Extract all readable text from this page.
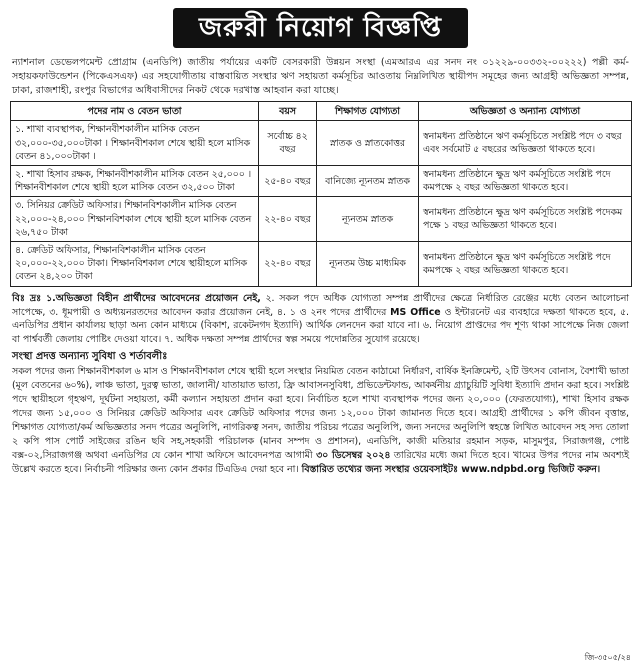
জরুরী নিয়োগ বিজ্ঞপ্তি
ন্যাশনাল ডেভেলপমেন্ট প্রোগ্রাম (এনডিপি) জাতীয় পর্যায়ের একটি বেসরকারী উন্নয়ন সংস্থা (এমআরএ এর সনদ নং ০১২২৯-০০৩৩২-০০২২২) পল্লী কর্ম-সহায়কফাউন্ডেশন (পিকেএসএফ) এর সহযোগীতায় বাস্তবায়িত সংস্থার ঋণ সহায়তা কর্মসূচির আওতায় নিম্নলিখিত স্থায়ীপদ সমূহের জন্য আগ্রহী অভিজ্ঞতা সম্পন্ন, ঢাকা, রাজশাহী, রংপুর বিভাগের অধিবাসীদের নিকট থেকে দরখাস্ত আহবান করা যাচ্ছে।
পদের নাম ও বেতন ভাতা	বয়স	শিক্ষাগত যোগ্যতা	অভিজ্ঞতা ও অন্যান্য যোগ্যতা
১. শাখা ব্যবস্থাপক, শিক্ষানবীশকালীন মাসিক বেতন ৩২,০০০-৩৫,০০০টাকা । শিক্ষানবীশকাল শেষে স্থায়ী হলে মাসিক বেতন ৪১,০০০টাকা ।	সর্বোচ্চ ৪২ বছর	স্নাতক ও স্নাতকোত্তর	স্বনামধন্য প্রতিষ্ঠানে ঋণ কর্মসূচিতে সংশ্লিষ্ট পদে ৩ বছর এবং সর্বমোট ৫ বছরের অভিজ্ঞতা থাকতে হবে।
২. শাখা হিসাব রক্ষক, শিক্ষানবীশকালীন মাসিক বেতন ২৫,০০০ । শিক্ষানবীশকাল শেষে স্থায়ী হলে মাসিক বেতন ৩২,৫০০ টাকা	২৫-৪০ বছর	বানিজ্যে ন্যূনতম স্নাতক	স্বনামধন্য প্রতিষ্ঠানে ক্ষুদ্র ঋণ কর্মসূচিতে সংশ্লিষ্ট পদে কমপক্ষে ২ বছর অভিজ্ঞতা থাকতে হবে।
৩. সিনিয়র ক্রেডিট অফিসার। শিক্ষানবিশকালীন মাসিক বেতন ২২,০০০-২৪,০০০ শিক্ষানবিশকাল শেষে স্থায়ী হলে মাসিক বেতন ২৬,৭৫০ টাকা	২২-৪০ বছর	ন্যূনতম স্নাতক	স্বনামধন্য প্রতিষ্ঠানে ক্ষুদ্র ঋণ কর্মসূচিতে সংশ্লিষ্ট পদেকম পক্ষে ১ বছর অভিজ্ঞতা থাকতে হবে।
৪. ক্রেডিট অফিসার, শিক্ষানবিশকালীন মাসিক বেতন ২০,০০০-২২,০০০ টাকা। শিক্ষানবিশকাল শেষে স্থায়ীহলে মাসিক বেতন ২৪,২০০ টাকা	২২-৪০ বছর	ন্যূনতম উচ্চ মাধ্যমিক	স্বনামধন্য প্রতিষ্ঠানে ক্ষুদ্র ঋণ কর্মসূচিতে সংশ্লিষ্ট পদে কমপক্ষে ২ বছর অভিজ্ঞতা থাকতে হবে।
বিঃ দ্রঃ ১.অভিজ্ঞতা বিহীন প্রার্থীদের আবেদনের প্রয়োজন নেই, ২. সকল পদে অধিক যোগ্যতা সম্পন্ন প্রার্থীদের ক্ষেত্রে নির্ধারিত রেঞ্জের মধ্যে বেতন আলোচনা সাপেক্ষে, ৩. ধূমপায়ী ও অধ্যয়নরতদের আবেদন করার প্রয়োজন নেই, ৪. ১ ও ২নং পদের প্রার্থীদের MS Office ও ইন্টারনেট এর ব্যবহারে দক্ষতা থাকতে হবে, ৫. এনডিপির প্রধান কার্যালয় ছাড়া অন্য কোন মাধ্যমে (বিকাশ, রকেটনগদ ইত্যাদি) আর্থিক লেনদেন করা যাবে না। ৬. নিয়োগ প্রাপ্তদের পদ শূণ্য থাকা সাপেক্ষে নিজ জেলা বা পার্শ্ববর্তী জেলায় পোষ্টিং দেওয়া যাবে। ৭. অধিক দক্ষতা সম্পন্ন প্রার্থদের স্বল্প সময়ে পদোন্নতির সুযোগ রয়েছে।
সংস্থা প্রদত্ত অন্যান্য সুবিধা ও শর্তাবলীঃ
সকল পদের জন্য শিক্ষানবীশকাল ৬ মাস ও শিক্ষানবীশকাল শেষে স্থায়ী হলে সংস্থার নিয়মিত বেতন কাঠামো নির্ধারণ, বার্ষিক ইনক্রিমেন্ট, ২টি উৎসব বোনাস, বৈশাখী ভাতা (মূল বেতনের ৬০%), লাঞ্চ ভাতা, দুরত্ব ভাতা, জালানী/ যাতায়াত ভাতা, ফ্রি আবাসনসুবিধা, প্রভিডেন্টফান্ড, আকর্ষনীয় গ্র্যাচুয়িটি সুবিধা ইত্যাদি প্রদান করা হবে। সংশ্লিষ্ট পদে স্থায়ীহলে গৃহঋণ, দূর্ঘটনা সহায়তা, কর্মী কল্যান সহায়তা প্রদান করা হবে। নির্বাচিত হলে শাখা ব্যবস্থাপক পদের জন্য ২০,০০০ (ফেরতযোগ্য), শাখা হিসাব রক্ষক পদের জন্য ১৫,০০০ ও সিনিয়র ক্রেডিট অফিসার এবং ক্রেডিট অফিসার পদের জন্য ১২,০০০ টাকা জামানত দিতে হবে। আগ্রহী প্রার্থীদের ১ কপি জীবন বৃত্তান্ত, শিক্ষাগত যোগ্যতা/কর্ম অভিজ্ঞতার সনদ পত্রের অনুলিপি, নাগরিকত্ব সনদ, জাতীয় পরিচয় পত্রের অনুলিপি, জন্য সনদের অনুলিপি স্বহস্তে লিখিত আবেদন সহ সদ্য তোলা ২ কপি পাস পোর্ট সাইজের রঙিন ছবি সহ,সহকারী পরিচালক (মানব সম্পদ ও প্রশাসন), এনডিপি, কাজী মতিয়ার রহমান সড়ক, মাসুমপুর, সিরাজগঞ্জ, পোষ্ট বক্স-০২,সিরাজগঞ্জ অথবা এনডিপির যে কোন শাখা অফিসে আবেদনপত্র আগামী ৩০ ডিসেম্বর ২০২৪ তারিখের মধ্যে জমা দিতে হবে। খামের উপর পদের নাম অবশ্যই উল্লেখ করতে হবে। নির্বাচনী পরিক্ষার জন্য কোন প্রকার টিএডিএ দেয়া হবে না। বিস্তারিত তথ্যের জন্য সংস্থার ওয়েবসাইটঃ www.ndpbd.org ভিজিট করুন।
জি-৩৫০৫/২৪
